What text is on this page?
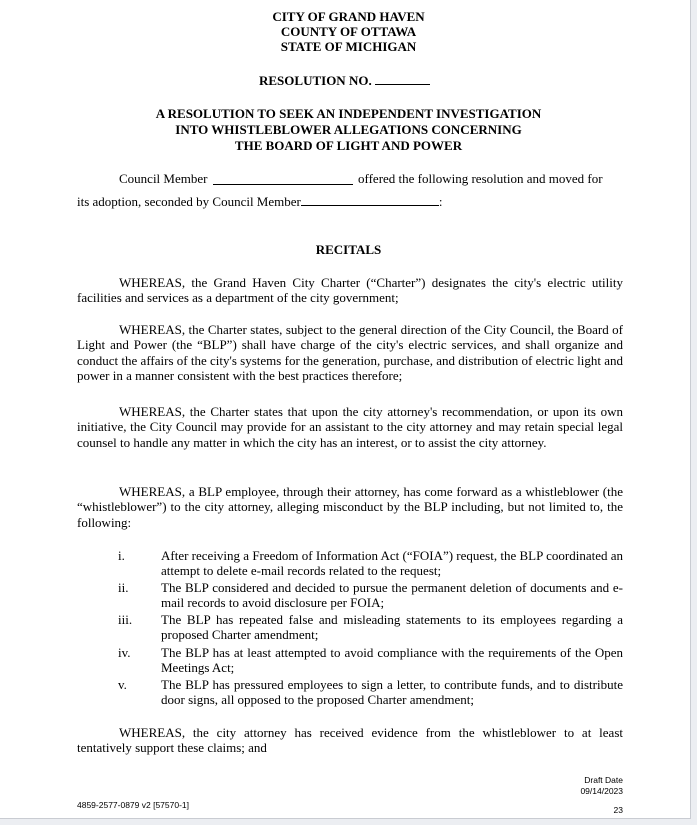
CITY OF GRAND HAVEN
COUNTY OF OTTAWA
STATE OF MICHIGAN
RESOLUTION NO.
A RESOLUTION TO SEEK AN INDEPENDENT INVESTIGATION
INTO WHISTLEBLOWER ALLEGATIONS CONCERNING
THE BOARD OF LIGHT AND POWER
Council Member	offered the following resolution and moved for
its adoption, seconded by Council Member	:
RECITALS
WHEREAS, the Grand Haven City Charter (“Charter”) designates the city's electric utility facilities and services as a department of the city government;
WHEREAS, the Charter states, subject to the general direction of the City Council, the Board of Light and Power (the “BLP”) shall have charge of the city's electric services, and shall organize and conduct the affairs of the city's systems for the generation, purchase, and distribution of electric light and power in a manner consistent with the best practices therefore;
WHEREAS, the Charter states that upon the city attorney's recommendation, or upon its own initiative, the City Council may provide for an assistant to the city attorney and may retain special legal counsel to handle any matter in which the city has an interest, or to assist the city attorney.
WHEREAS, a BLP employee, through their attorney, has come forward as a whistleblower (the “whistleblower”) to the city attorney, alleging misconduct by the BLP including, but not limited to, the following:
i.	After receiving a Freedom of Information Act (“FOIA”) request, the BLP coordinated an attempt to delete e-mail records related to the request;
ii.	The BLP considered and decided to pursue the permanent deletion of documents and e-mail records to avoid disclosure per FOIA;
iii. The BLP has repeated false and misleading statements to its employees regarding a proposed Charter amendment;
iv. The BLP has at least attempted to avoid compliance with the requirements of the Open Meetings Act;
v.	The BLP has pressured employees to sign a letter, to contribute funds, and to distribute door signs, all opposed to the proposed Charter amendment;
WHEREAS, the city attorney has received evidence from the whistleblower to at least tentatively support these claims; and
4859-2577-0879 v2 [57570-1]
Draft Date
09/14/2023
23
